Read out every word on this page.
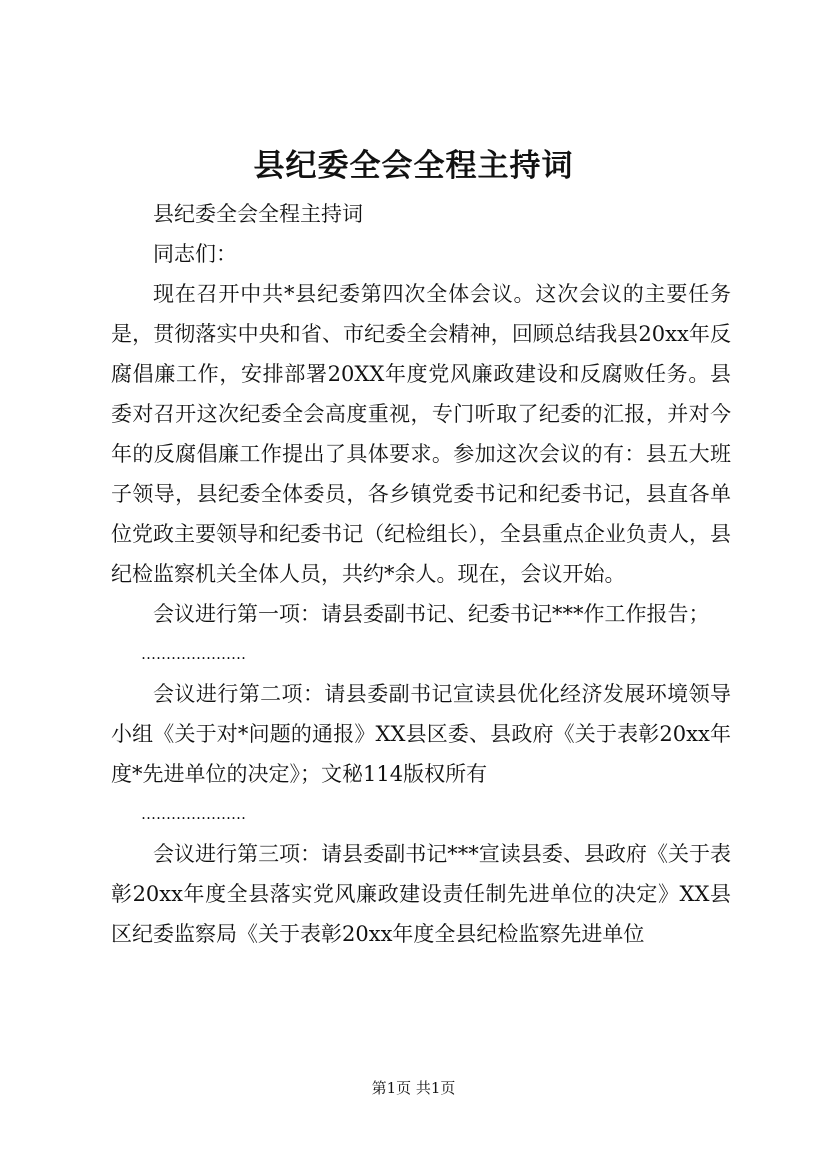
县纪委全会全程主持词

县纪委全会全程主持词

同志们：

现在召开中共*县纪委第四次全体会议。这次会议的主要任务是，贯彻落实中央和省、市纪委全会精神，回顾总结我县20xx年反腐倡廉工作，安排部署20XX年度党风廉政建设和反腐败任务。县委对召开这次纪委全会高度重视，专门听取了纪委的汇报，并对今年的反腐倡廉工作提出了具体要求。参加这次会议的有：县五大班子领导，县纪委全体委员，各乡镇党委书记和纪委书记，县直各单位党政主要领导和纪委书记（纪检组长），全县重点企业负责人，县纪检监察机关全体人员，共约*余人。现在，会议开始。

会议进行第一项：请县委副书记、纪委书记***作工作报告；

…………………

会议进行第二项：请县委副书记宣读县优化经济发展环境领导小组《关于对*问题的通报》XX县区委、县政府《关于表彰20xx年度*先进单位的决定》；文秘114版权所有

…………………

会议进行第三项：请县委副书记***宣读县委、县政府《关于表彰20xx年度全县落实党风廉政建设责任制先进单位的决定》XX县区纪委监察局《关于表彰20xx年度全县纪检监察先进单位

第1页 共1页
